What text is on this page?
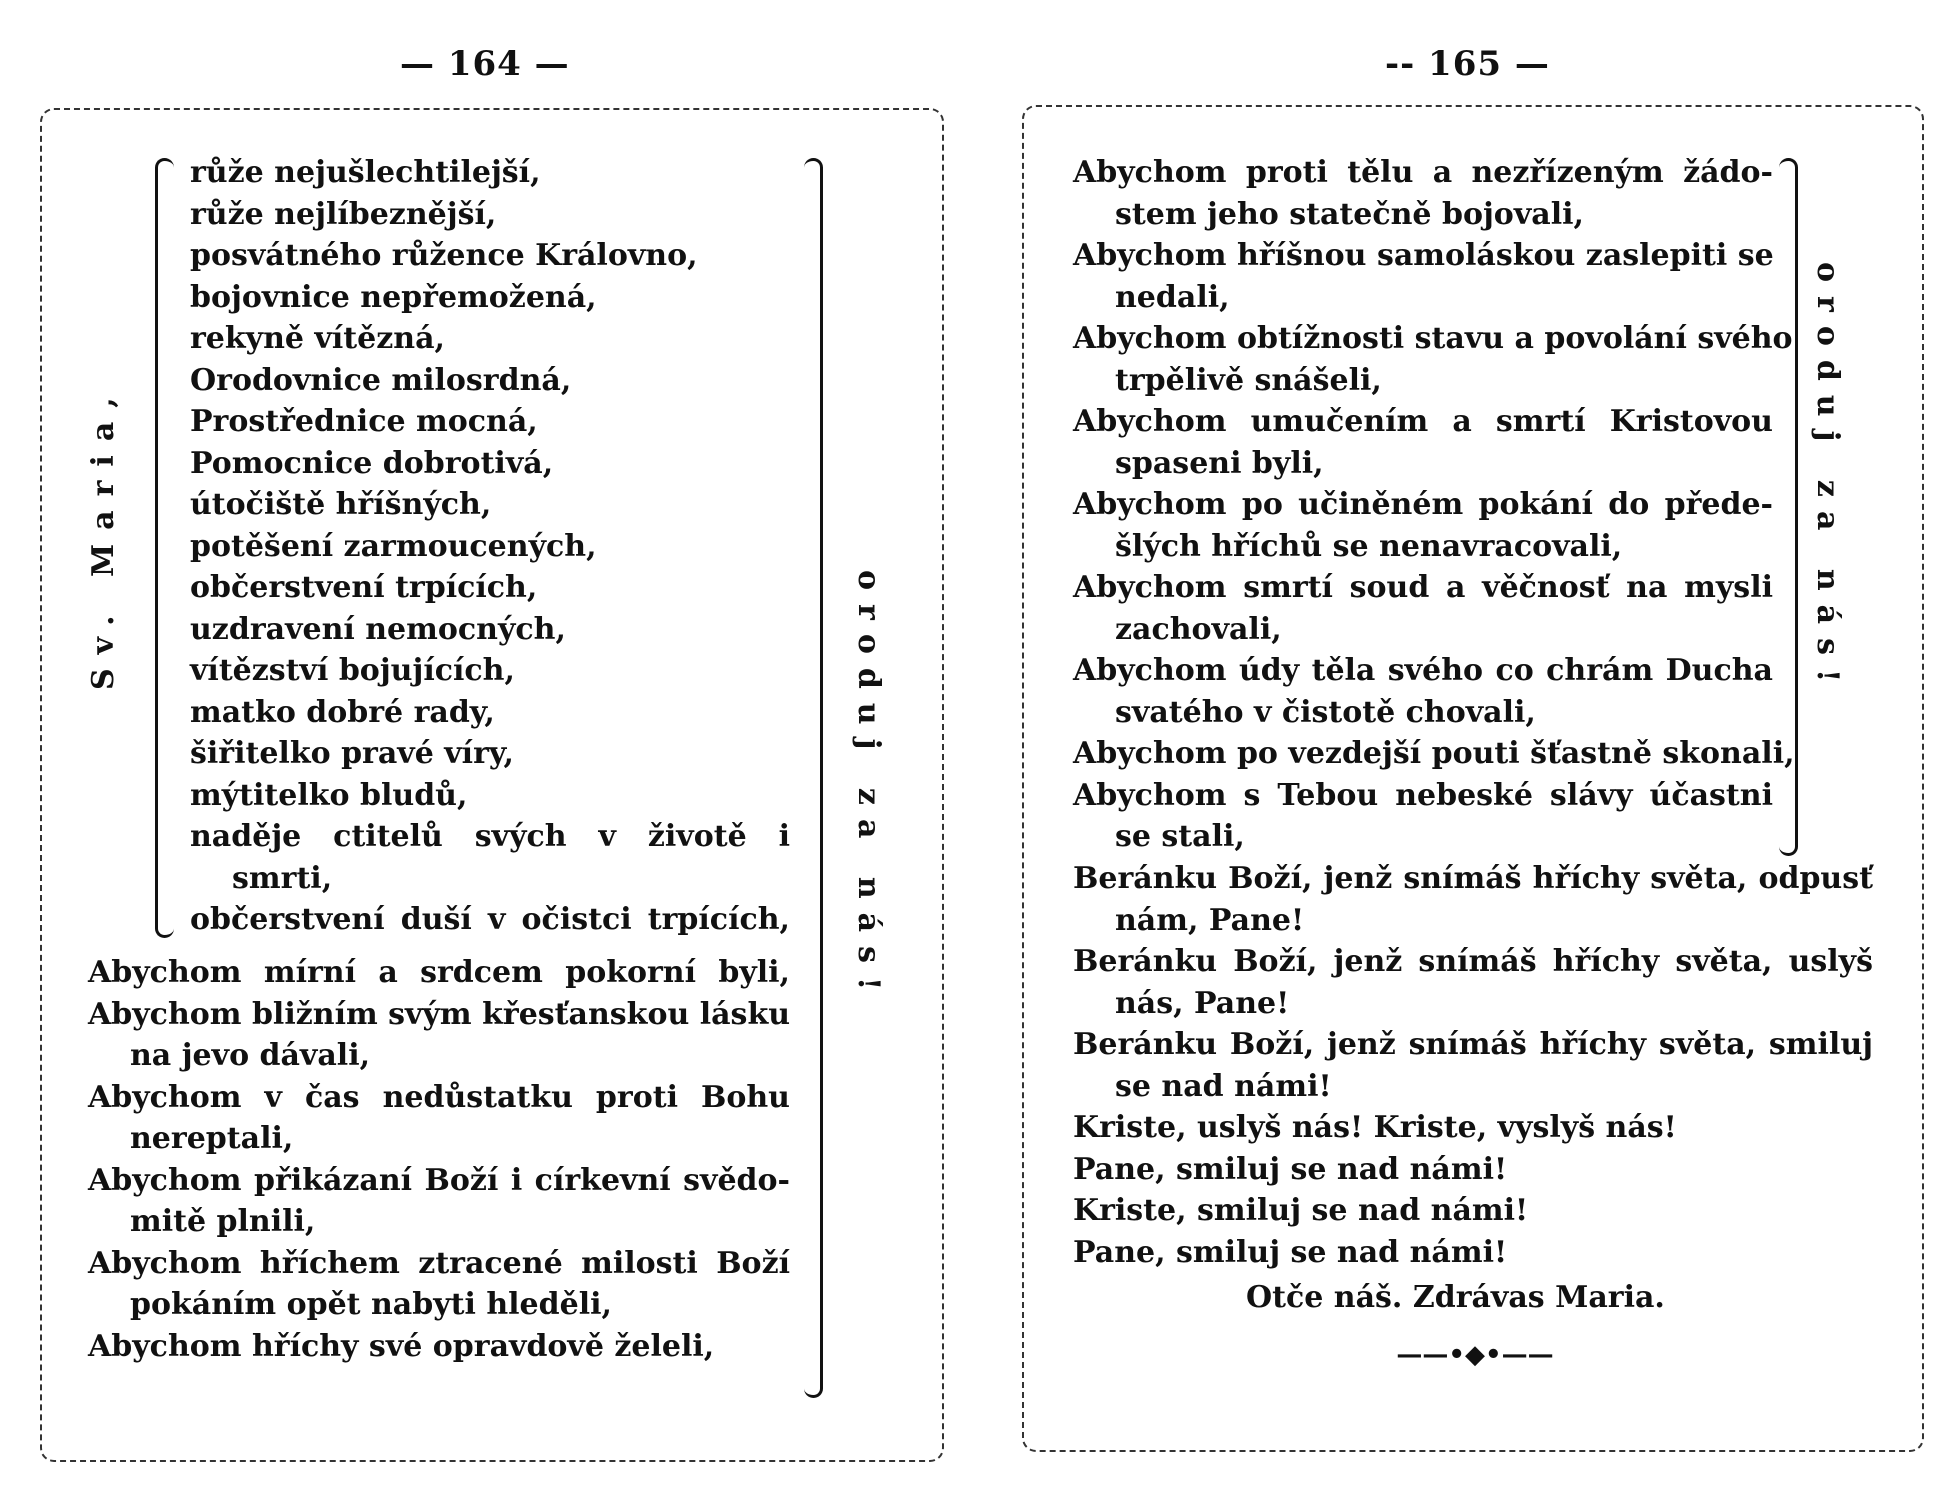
— 164 —
Sv. Maria,
růže nejušlechtilejší,
růže nejlíbeznější,
posvátného růžence Královno,
bojovnice nepřemožená,
rekyně vítězná,
Orodovnice milosrdná,
Prostřednice mocná,
Pomocnice dobrotivá,
útočiště hříšných,
potěšení zarmoucených,
občerstvení trpících,
uzdravení nemocných,
vítězství bojujících,
matko dobré rady,
šiřitelko pravé víry,
mýtitelko bludů,
naděje ctitelů svých v životě i
smrti,
občerstvení duší v očistci trpících, oroduj za nás!
Abychom mírní a srdcem pokorní byli,
Abychom bližním svým křesťanskou lásku
na jevo dávali,
Abychom v čas nedůstatku proti Bohu
nereptali,
Abychom přikázaní Boží i církevní svědo-
mitě plnili,
Abychom hříchem ztracené milosti Boží
pokáním opět nabyti hleděli,
Abychom hříchy své opravdově želeli,
-- 165 —
Abychom proti tělu a nezřízeným žádo-
stem jeho statečně bojovali,
Abychom hříšnou samoláskou zaslepiti se
nedali,
Abychom obtížnosti stavu a povolání svého
trpělivě snášeli,
Abychom umučením a smrtí Kristovou
spaseni byli,
Abychom po učiněném pokání do přede-
šlých hříchů se nenavracovali,
Abychom smrtí soud a věčnosť na mysli
zachovali,
Abychom údy těla svého co chrám Ducha
svatého v čistotě chovali,
Abychom po vezdejší pouti šťastně skonali,
Abychom s Tebou nebeské slávy účastni
se stali,
oroduj za nás!
Beránku Boží, jenž snímáš hříchy světa, odpusť
nám, Pane!
Beránku Boží, jenž snímáš hříchy světa, uslyš
nás, Pane!
Beránku Boží, jenž snímáš hříchy světa, smiluj
se nad námi!
Kriste, uslyš nás! Kriste, vyslyš nás!
Pane, smiluj se nad námi!
Kriste, smiluj se nad námi!
Pane, smiluj se nad námi!
Otče náš. Zdrávas Maria.
——•◆•——
